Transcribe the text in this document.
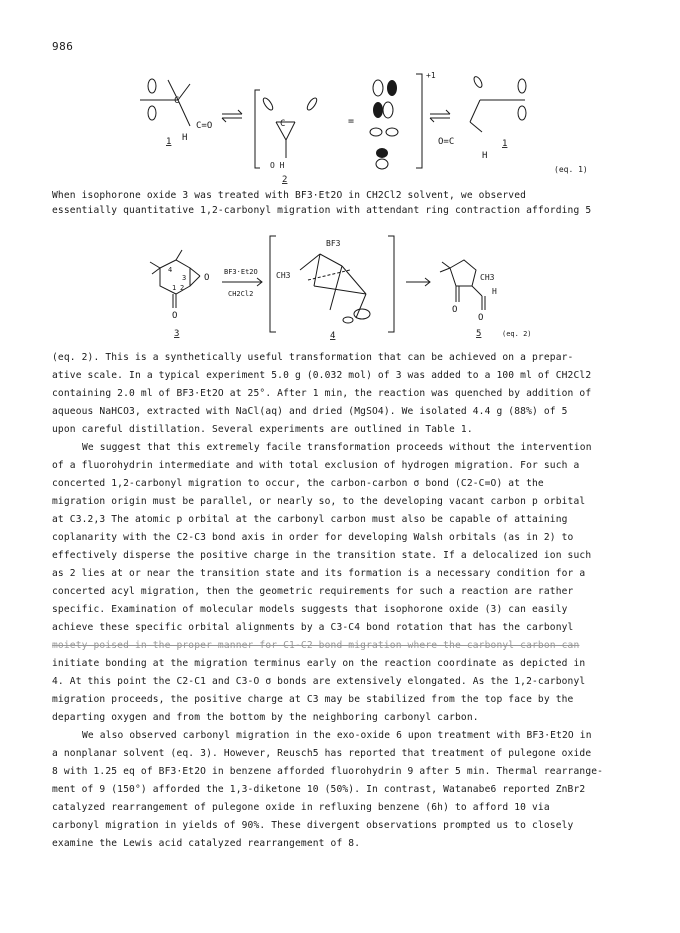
986
C
C=O
H
1
C
O H
2
=
+1
O=C
H
1
(eq. 1)
When isophorone oxide 3 was treated with BF3·Et2O in CH2Cl2 solvent, we observed
essentially quantitative 1,2-carbonyl migration with attendant ring contraction affording 5
4
3
2
1
O
O
3
BF3·Et2O
CH2Cl2
CH3
BF3
4
CH3
H
O
O
5	(eq. 2)
(eq. 2). This is a synthetically useful transformation that can be achieved on a prepar-
ative scale. In a typical experiment 5.0 g (0.032 mol) of 3 was added to a 100 ml of CH2Cl2
containing 2.0 ml of BF3·Et2O at 25°. After 1 min, the reaction was quenched by addition of
aqueous NaHCO3, extracted with NaCl(aq) and dried (MgSO4). We isolated 4.4 g (88%) of 5
upon careful distillation. Several experiments are outlined in Table 1.
We suggest that this extremely facile transformation proceeds without the intervention
of a fluorohydrin intermediate and with total exclusion of hydrogen migration. For such a
concerted 1,2-carbonyl migration to occur, the carbon-carbon σ bond (C2-C=O) at the
migration origin must be parallel, or nearly so, to the developing vacant carbon p orbital
at C3.2,3 The atomic p orbital at the carbonyl carbon must also be capable of attaining
coplanarity with the C2-C3 bond axis in order for developing Walsh orbitals (as in 2) to
effectively disperse the positive charge in the transition state. If a delocalized ion such
as 2 lies at or near the transition state and its formation is a necessary condition for a
concerted acyl migration, then the geometric requirements for such a reaction are rather
specific. Examination of molecular models suggests that isophorone oxide (3) can easily
achieve these specific orbital alignments by a C3-C4 bond rotation that has the carbonyl
moiety poised in the proper manner for C1-C2 bond migration where the carbonyl carbon can
initiate bonding at the migration terminus early on the reaction coordinate as depicted in
4. At this point the C2-C1 and C3-O σ bonds are extensively elongated. As the 1,2-carbonyl
migration proceeds, the positive charge at C3 may be stabilized from the top face by the
departing oxygen and from the bottom by the neighboring carbonyl carbon.
We also observed carbonyl migration in the exo-oxide 6 upon treatment with BF3·Et2O in
a nonplanar solvent (eq. 3). However, Reusch5 has reported that treatment of pulegone oxide
8 with 1.25 eq of BF3·Et2O in benzene afforded fluorohydrin 9 after 5 min. Thermal rearrange-
ment of 9 (150°) afforded the 1,3-diketone 10 (50%). In contrast, Watanabe6 reported ZnBr2
catalyzed rearrangement of pulegone oxide in refluxing benzene (6h) to afford 10 via
carbonyl migration in yields of 90%. These divergent observations prompted us to closely
examine the Lewis acid catalyzed rearrangement of 8.
